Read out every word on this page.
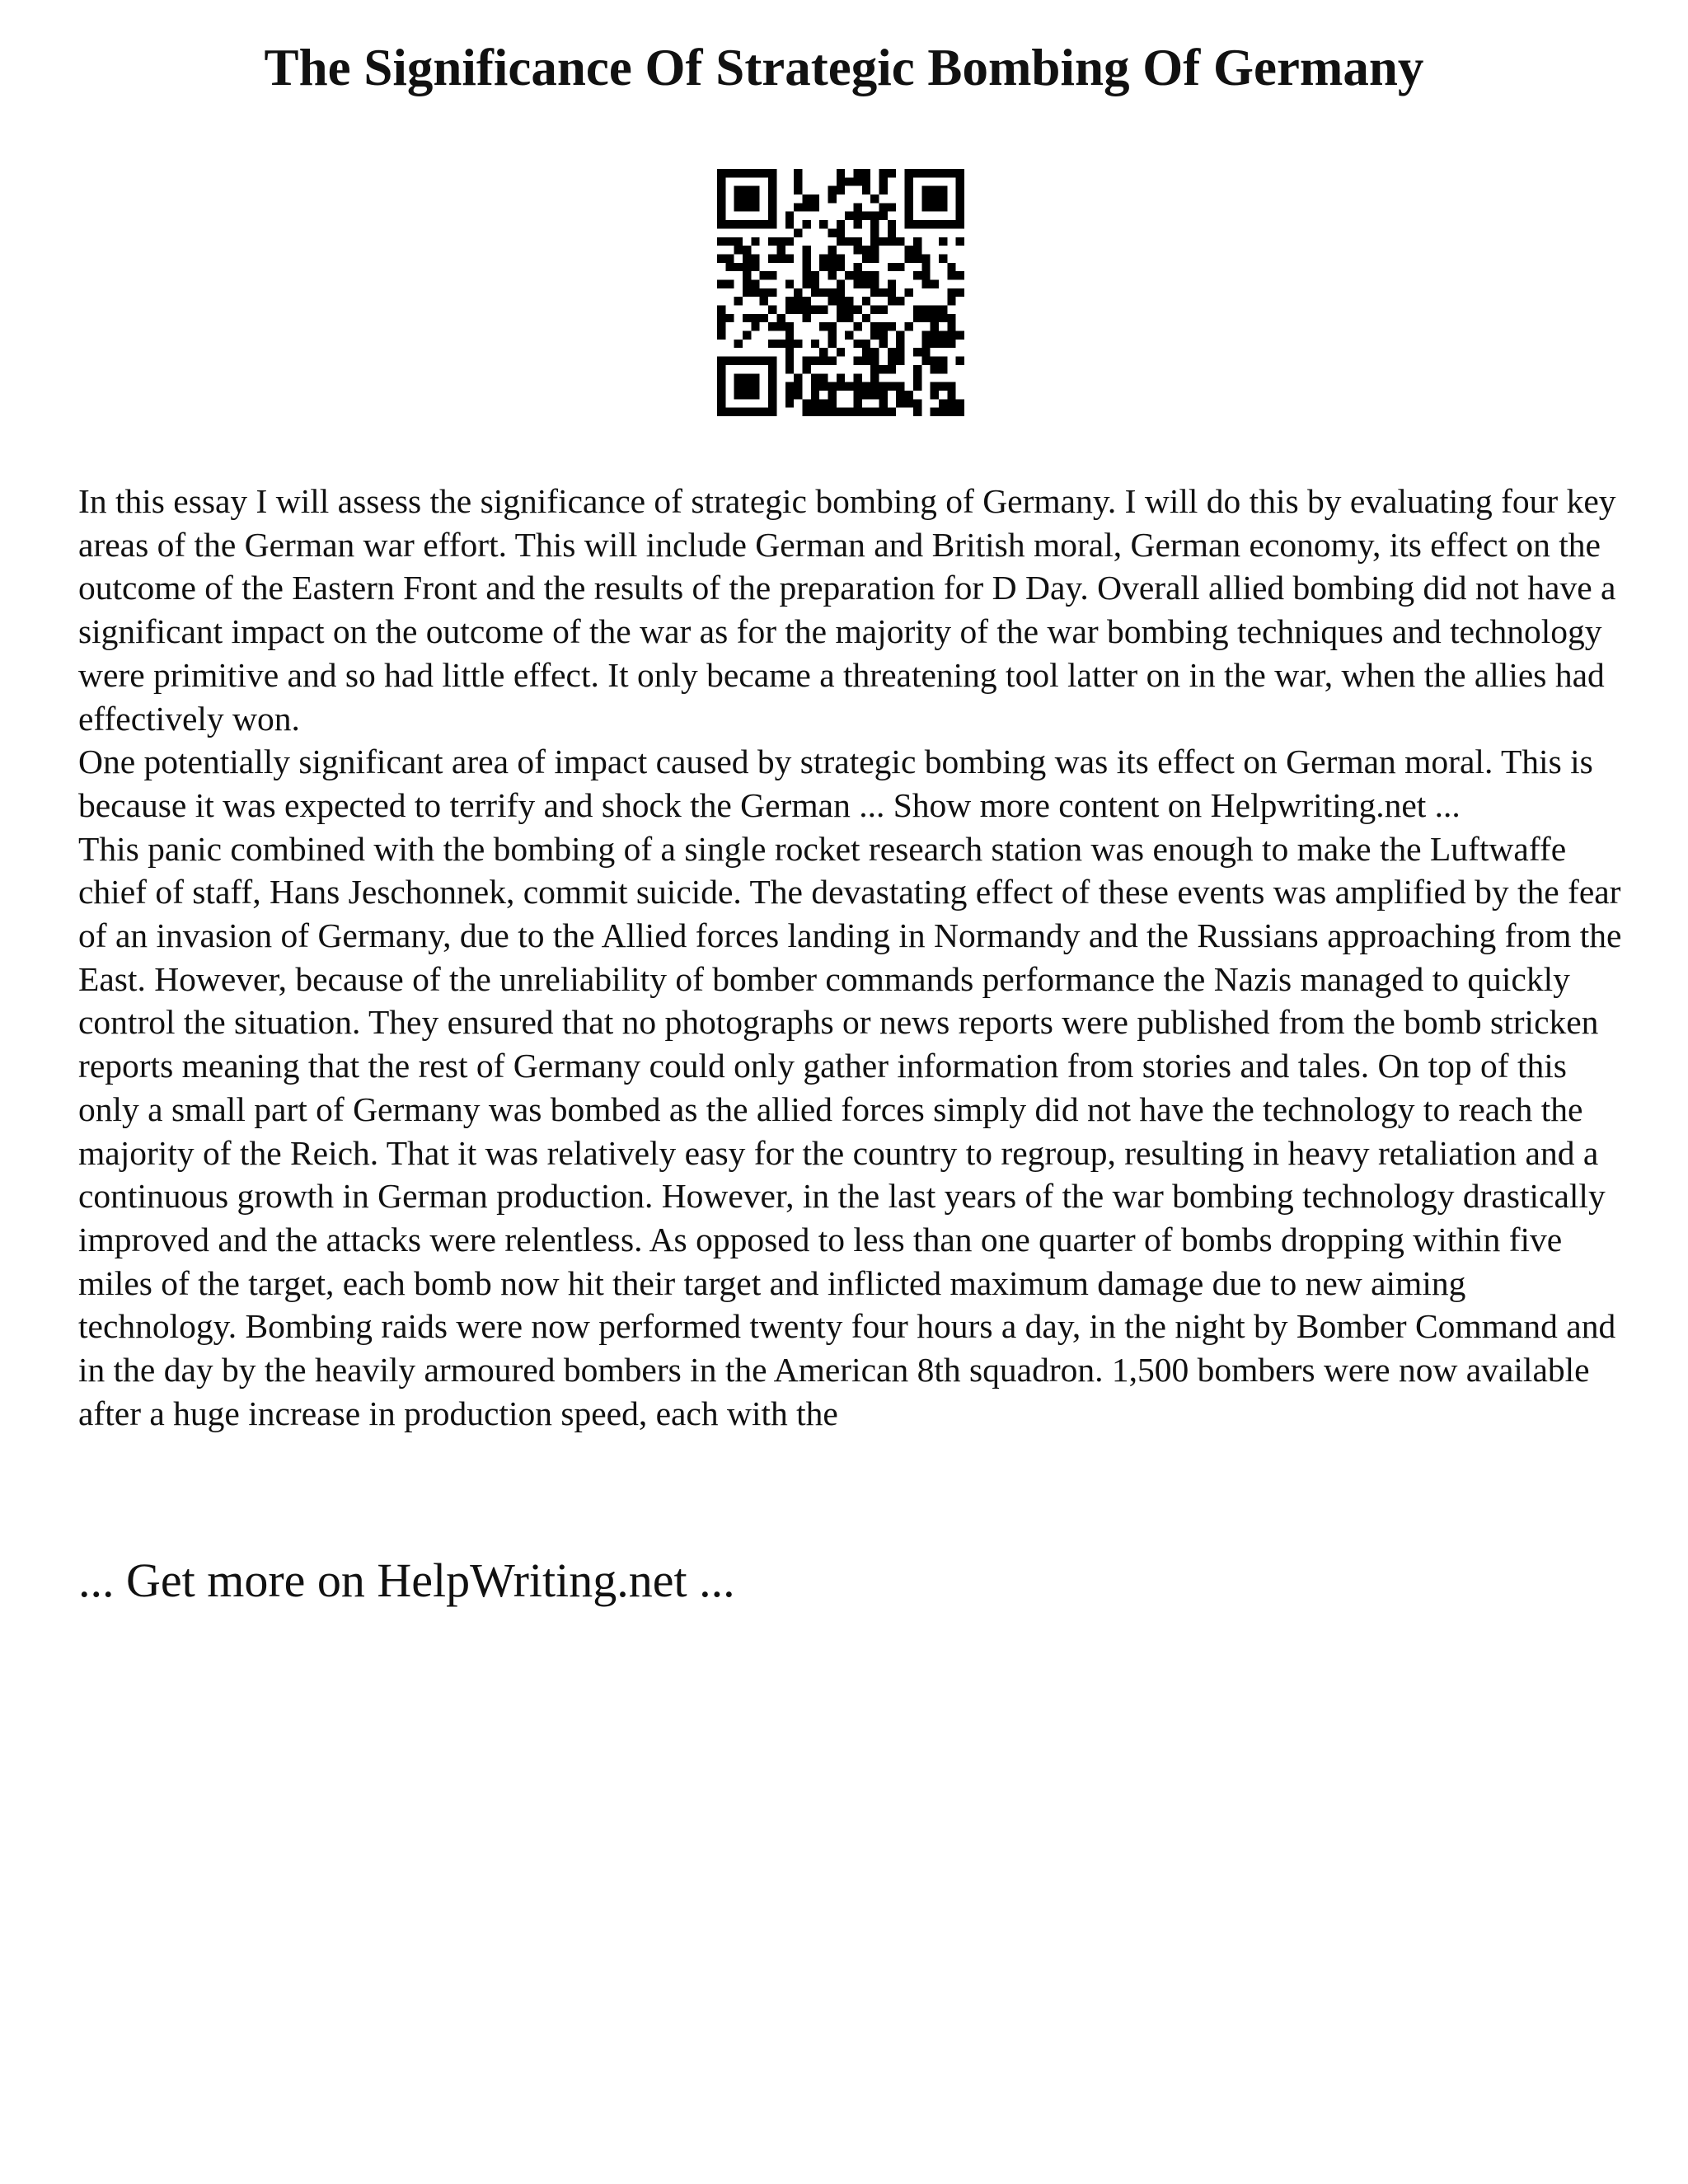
The Significance Of Strategic Bombing Of Germany

In this essay I will assess the significance of strategic bombing of Germany. I will do this by evaluating four key areas of the German war effort. This will include German and British moral, German economy, its effect on the outcome of the Eastern Front and the results of the preparation for D Day. Overall allied bombing did not have a significant impact on the outcome of the war as for the majority of the war bombing techniques and technology were primitive and so had little effect. It only became a threatening tool latter on in the war, when the allies had effectively won.

One potentially significant area of impact caused by strategic bombing was its effect on German moral. This is because it was expected to terrify and shock the German ... Show more content on Helpwriting.net ...

This panic combined with the bombing of a single rocket research station was enough to make the Luftwaffe chief of staff, Hans Jeschonnek, commit suicide. The devastating effect of these events was amplified by the fear of an invasion of Germany, due to the Allied forces landing in Normandy and the Russians approaching from the East. However, because of the unreliability of bomber commands performance the Nazis managed to quickly control the situation. They ensured that no photographs or news reports were published from the bomb stricken reports meaning that the rest of Germany could only gather information from stories and tales. On top of this only a small part of Germany was bombed as the allied forces simply did not have the technology to reach the majority of the Reich. That it was relatively easy for the country to regroup, resulting in heavy retaliation and a continuous growth in German production. However, in the last years of the war bombing technology drastically improved and the attacks were relentless. As opposed to less than one quarter of bombs dropping within five miles of the target, each bomb now hit their target and inflicted maximum damage due to new aiming technology. Bombing raids were now performed twenty four hours a day, in the night by Bomber Command and in the day by the heavily armoured bombers in the American 8th squadron. 1,500 bombers were now available after a huge increase in production speed, each with the

... Get more on HelpWriting.net ...
